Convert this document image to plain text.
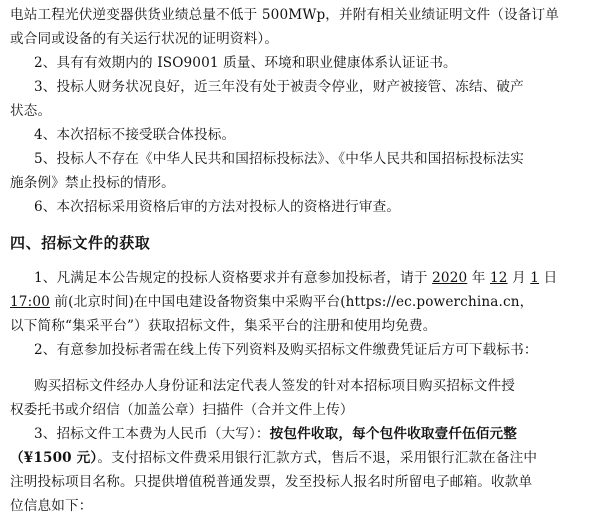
电站工程光伏逆变器供货业绩总量不低于 500MWp，并附有相关业绩证明文件（设备订单
或合同或设备的有关运行状况的证明资料）。
2、具有有效期内的 ISO9001 质量、环境和职业健康体系认证证书。
3、投标人财务状况良好，近三年没有处于被责令停业，财产被接管、冻结、破产
状态。
4、本次招标不接受联合体投标。
5、投标人不存在《中华人民共和国招标投标法》、《中华人民共和国招标投标法实
施条例》禁止投标的情形。
6、本次招标采用资格后审的方法对投标人的资格进行审查。
四、招标文件的获取
1、凡满足本公告规定的投标人资格要求并有意参加投标者，请于 2020 年 12 月 1 日
17:00 前(北京时间)在中国电建设备物资集中采购平台(https://ec.powerchina.cn，
以下简称“集采平台”）获取招标文件，集采平台的注册和使用均免费。
2、有意参加投标者需在线上传下列资料及购买招标文件缴费凭证后方可下载标书：
购买招标文件经办人身份证和法定代表人签发的针对本招标项目购买招标文件授
权委托书或介绍信（加盖公章）扫描件（合并文件上传）
3、招标文件工本费为人民币（大写）：按包件收取，每个包件收取壹仟伍佰元整
（¥1500 元）。支付招标文件费采用银行汇款方式，售后不退，采用银行汇款在备注中
注明投标项目名称。只提供增值税普通发票，发至投标人报名时所留电子邮箱。收款单
位信息如下：
